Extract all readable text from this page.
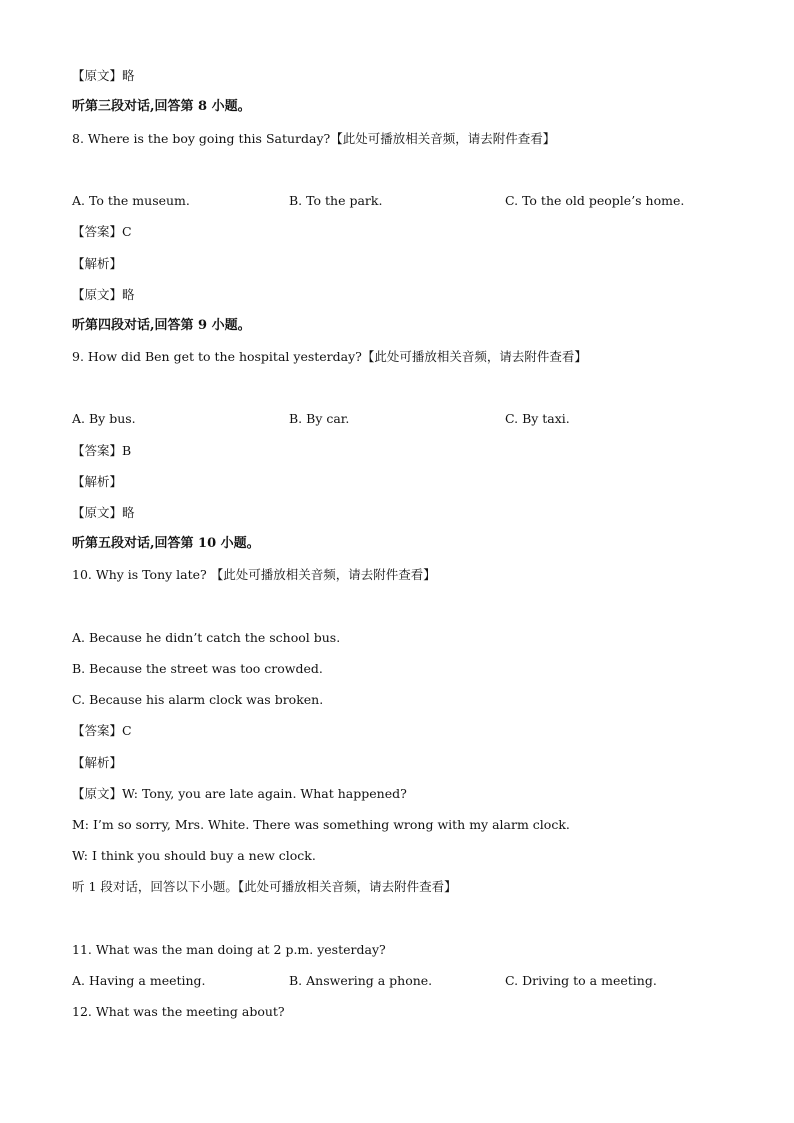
【原文】略
听第三段对话,回答第 8 小题。
8. Where is the boy going this Saturday?【此处可播放相关音频，请去附件查看】
A. To the museum.	B. To the park.	C. To the old people’s home.
【答案】C
【解析】
【原文】略
听第四段对话,回答第 9 小题。
9. How did Ben get to the hospital yesterday?【此处可播放相关音频，请去附件查看】
A. By bus.	B. By car.	C. By taxi.
【答案】B
【解析】
【原文】略
听第五段对话,回答第 10 小题。
10. Why is Tony late? 【此处可播放相关音频，请去附件查看】
A. Because he didn’t catch the school bus.
B. Because the street was too crowded.
C. Because his alarm clock was broken.
【答案】C
【解析】
【原文】W: Tony, you are late again. What happened?
M: I’m so sorry, Mrs. White. There was something wrong with my alarm clock.
W: I think you should buy a new clock.
听 1 段对话，回答以下小题。【此处可播放相关音频，请去附件查看】
11. What was the man doing at 2 p.m. yesterday?
A. Having a meeting.	B. Answering a phone.	C. Driving to a meeting.
12. What was the meeting about?
